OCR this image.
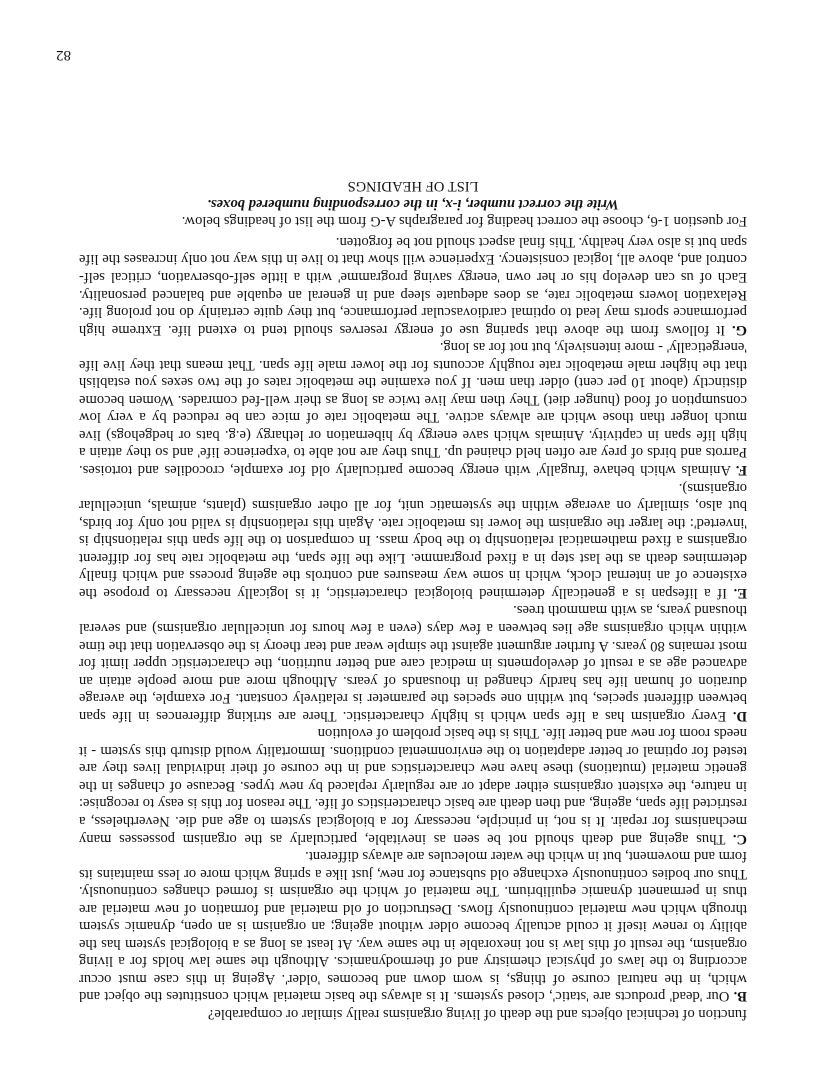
function of technical objects and the death of living organisms really similar or comparable?

B. Our 'dead' products are 'static', closed systems. It is always the basic material which constitutes the object and which, in the natural course of things, is worn down and becomes 'older'. Ageing in this case must occur according to the laws of physical chemistry and of thermodynamics. Although the same law holds for a living organism, the result of this law is not inexorable in the same way. At least as long as a biological system has the ability to renew itself it could actually become older without ageing; an organism is an open, dynamic system through which new material continuously flows. Destruction of old material and formation of new material are thus in permanent dynamic equilibrium. The material of which the organism is formed changes continuously. Thus our bodies continuously exchange old substance for new, just like a spring which more or less maintains its form and movement, but in which the water molecules are always different.

C. Thus ageing and death should not be seen as inevitable, particularly as the organism possesses many mechanisms for repair. It is not, in principle, necessary for a biological system to age and die. Nevertheless, a restricted life span, ageing, and then death are basic characteristics of life. The reason for this is easy to recognise: in nature, the existent organisms either adapt or are regularly replaced by new types. Because of changes in the genetic material (mutations) these have new characteristics and in the course of their individual lives they are tested for optimal or better adaptation to the environmental conditions. Immortality would disturb this system - it needs room for new and better life. This is the basic problem of evolution

D. Every organism has a life span which is highly characteristic. There are striking differences in life span between different species, but within one species the parameter is relatively constant. For example, the average duration of human life has hardly changed in thousands of years. Although more and more people attain an advanced age as a result of developments in medical care and better nutrition, the characteristic upper limit for most remains 80 years. A further argument against the simple wear and tear theory is the observation that the time within which organisms age lies between a few days (even a few hours for unicellular organisms) and several thousand years, as with mammoth trees.

E. If a lifespan is a genetically determined biological characteristic, it is logically necessary to propose the existence of an internal clock, which in some way measures and controls the ageing process and which finally determines death as the last step in a fixed programme. Like the life span, the metabolic rate has for different organisms a fixed mathematical relationship to the body mass. In comparison to the life span this relationship is 'inverted': the larger the organism the lower its metabolic rate. Again this relationship is valid not only for birds, but also, similarly on average within the systematic unit, for all other organisms (plants, animals, unicellular organisms).

F. Animals which behave 'frugally' with energy become particularly old for example, crocodiles and tortoises. Parrots and birds of prey are often held chained up. Thus they are not able to 'experience life' and so they attain a high life span in captivity. Animals which save energy by hibernation or lethargy (e.g. bats or hedgehogs) live much longer than those which are always active. The metabolic rate of mice can be reduced by a very low consumption of food (hunger diet) They then may live twice as long as their well-fed comrades. Women become distinctly (about 10 per cent) older than men. If you examine the metabolic rates of the two sexes you establish that the higher male metabolic rate roughly accounts for the lower male life span. That means that they live life 'energetically' - more intensively, but not for as long.

G. It follows from the above that sparing use of energy reserves should tend to extend life. Extreme high performance sports may lead to optimal cardiovascular performance, but they quite certainly do not prolong life. Relaxation lowers metabolic rate, as does adequate sleep and in general an equable and balanced personality. Each of us can develop his or her own 'energy saving programme' with a little self-observation, critical self-control and, above all, logical consistency. Experience will show that to live in this way not only increases the life span but is also very healthy. This final aspect should not be forgotten.

For question 1-6, choose the correct heading for paragraphs A-G from the list of headings below.

Write the correct number, i-x, in the corresponding numbered boxes.

LIST OF HEADINGS

82
